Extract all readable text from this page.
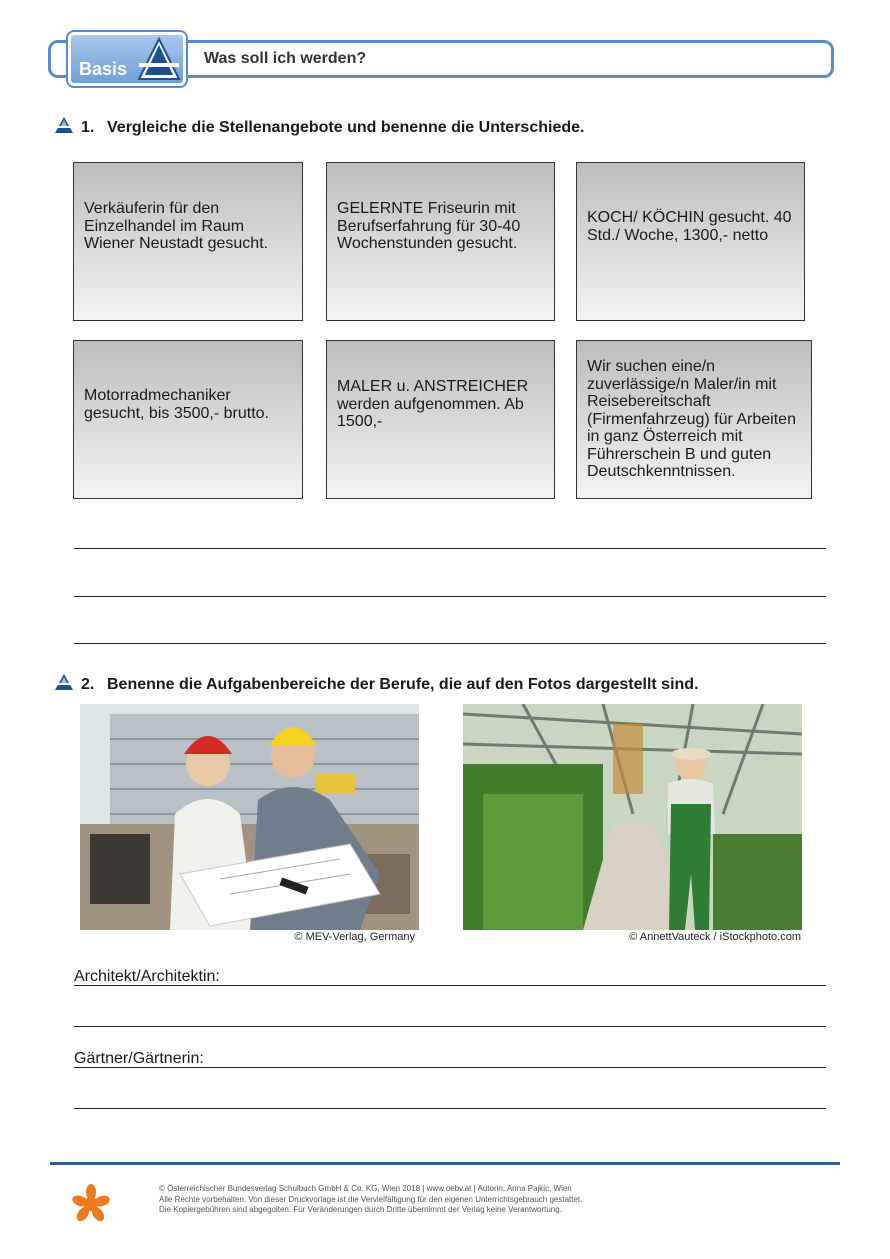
Was soll ich werden?
Basis
1. Vergleiche die Stellenangebote und benenne die Unterschiede.
Verkäuferin für den Einzelhandel im Raum Wiener Neustadt gesucht.
GELERNTE Friseurin mit Berufserfahrung für 30-40 Wochenstunden gesucht.
KOCH/ KÖCHIN gesucht. 40 Std./ Woche, 1300,- netto
Motorradmechaniker gesucht, bis 3500,- brutto.
MALER u. ANSTREICHER werden aufgenommen. Ab 1500,-
Wir suchen eine/n zuverlässige/n Maler/in mit Reisebereitschaft (Firmenfahrzeug) für Arbeiten in ganz Österreich mit Führerschein B und guten Deutschkenntnissen.
2. Benenne die Aufgabenbereiche der Berufe, die auf den Fotos dargestellt sind.
© MEV-Verlag, Germany	© AnnettVauteck / iStockphoto.com
Architekt/Architektin:
Gärtner/Gärtnerin:
© Österreichischer Bundesverlag Schulbuch GmbH & Co. KG, Wien 2018 | www.oebv.at | Autorin: Anna Pajkic, Wien
Alle Rechte vorbehalten. Von dieser Druckvorlage ist die Vervielfältigung für den eigenen Unterrichtsgebrauch gestattet.
Die Kopiergebühren sind abgegolten. Für Veränderungen durch Dritte übernimmt der Verlag keine Verantwortung.
